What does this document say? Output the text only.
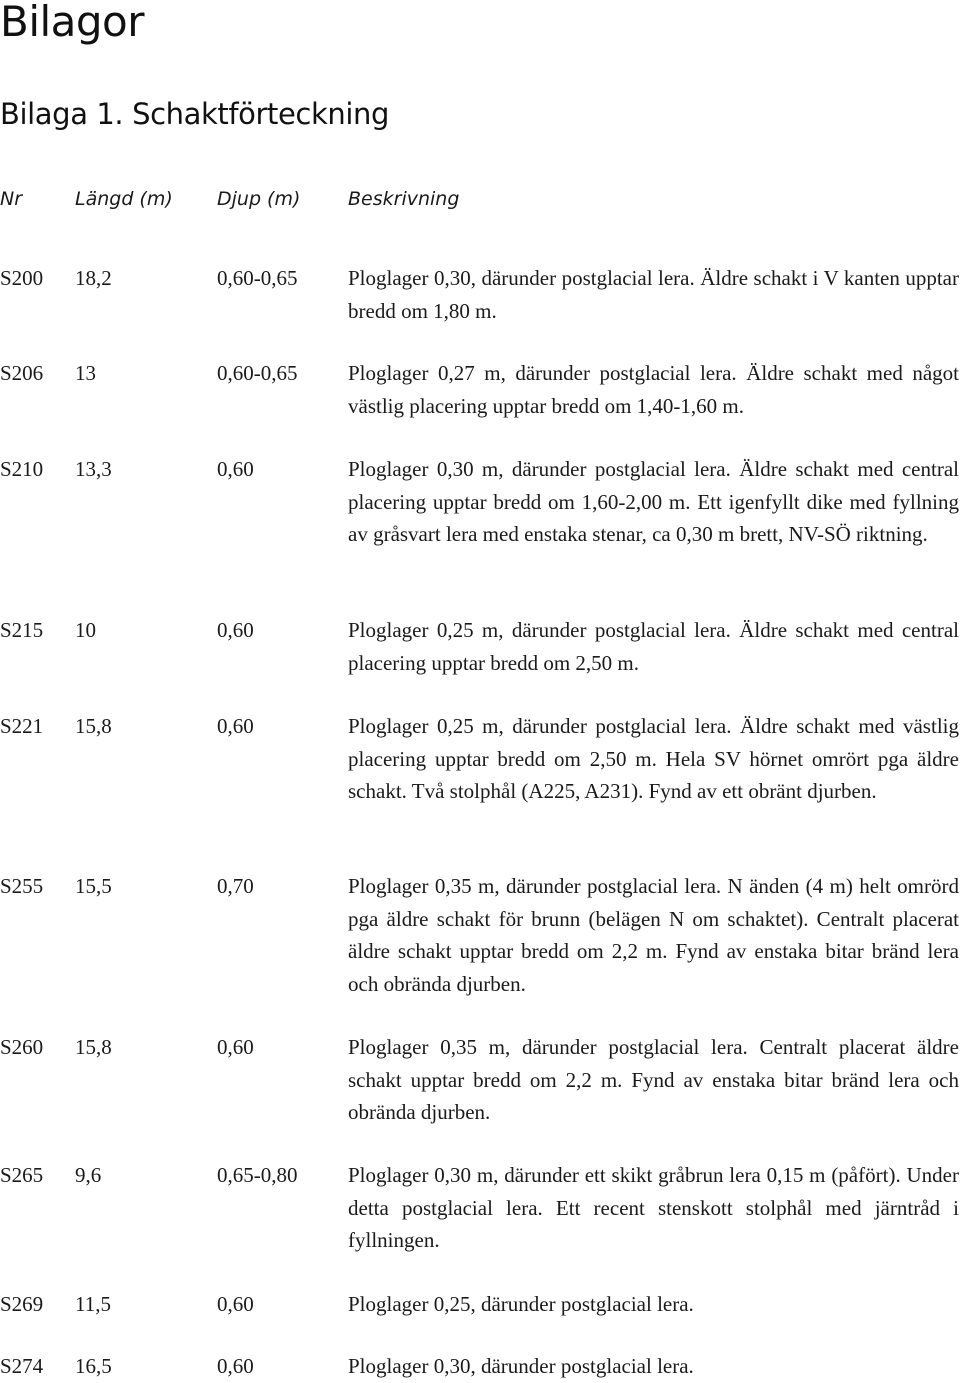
Bilagor
Bilaga 1. Schaktförteckning
Nr	Längd (m) Djup (m)	Beskrivning
S200 18,2	0,60-0,65 Ploglager 0,30, därunder postglacial lera. Äldre schakt i V kanten upptar bredd om 1,80 m.
S206 13	0,60-0,65 Ploglager 0,27 m, därunder postglacial lera. Äldre schakt med något västlig placering upptar bredd om 1,40-1,60 m.
S210 13,3	0,60	Ploglager 0,30 m, därunder postglacial lera. Äldre schakt med central placering upptar bredd om 1,60-2,00 m. Ett igenfyllt dike med fyllning av gråsvart lera med enstaka stenar, ca 0,30 m brett, NV-SÖ riktning.
S215 10	0,60	Ploglager 0,25 m, därunder postglacial lera. Äldre schakt med central placering upptar bredd om 2,50 m.
S221 15,8	0,60	Ploglager 0,25 m, därunder postglacial lera. Äldre schakt med västlig placering upptar bredd om 2,50 m. Hela SV hörnet omrört pga äldre schakt. Två stolphål (A225, A231). Fynd av ett obränt djurben.
S255 15,5	0,70	Ploglager 0,35 m, därunder postglacial lera. N änden (4 m) helt omrörd pga äldre schakt för brunn (belägen N om schaktet). Centralt placerat äldre schakt upptar bredd om 2,2 m. Fynd av enstaka bitar bränd lera och obrända djurben.
S260 15,8	0,60	Ploglager 0,35 m, därunder postglacial lera. Centralt placerat äldre schakt upptar bredd om 2,2 m. Fynd av enstaka bitar bränd lera och obrända djurben.
S265 9,6	0,65-0,80 Ploglager 0,30 m, därunder ett skikt gråbrun lera 0,15 m (påfört). Under detta postglacial lera. Ett recent stenskott stolphål med järntråd i fyllningen.
S269 11,5	0,60	Ploglager 0,25, därunder postglacial lera.
S274 16,5	0,60	Ploglager 0,30, därunder postglacial lera.
